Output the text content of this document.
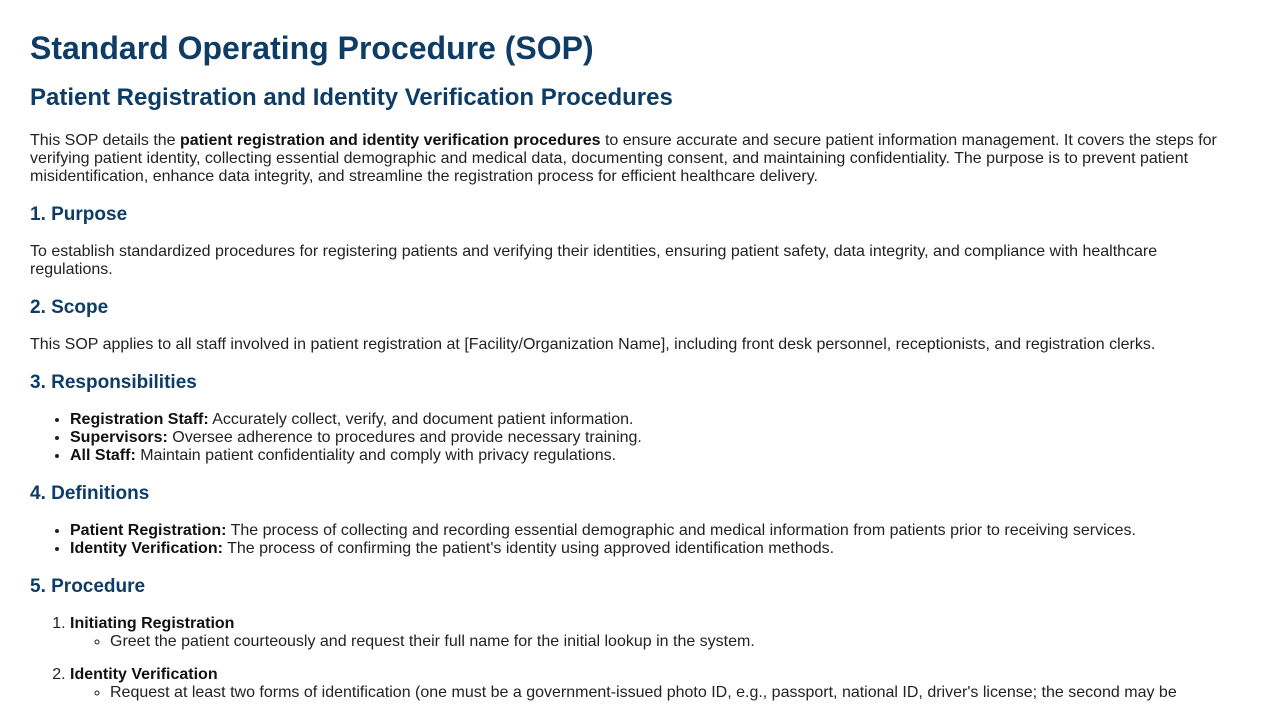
Standard Operating Procedure (SOP)
Patient Registration and Identity Verification Procedures

This SOP details the patient registration and identity verification procedures to ensure accurate and secure patient information management. It covers the steps for verifying patient identity, collecting essential demographic and medical data, documenting consent, and maintaining confidentiality. The purpose is to prevent patient misidentification, enhance data integrity, and streamline the registration process for efficient healthcare delivery.

1. Purpose

To establish standardized procedures for registering patients and verifying their identities, ensuring patient safety, data integrity, and compliance with healthcare regulations.

2. Scope

This SOP applies to all staff involved in patient registration at [Facility/Organization Name], including front desk personnel, receptionists, and registration clerks.

3. Responsibilities
• Registration Staff: Accurately collect, verify, and document patient information.
• Supervisors: Oversee adherence to procedures and provide necessary training.
• All Staff: Maintain patient confidentiality and comply with privacy regulations.
4. Definitions
• Patient Registration: The process of collecting and recording essential demographic and medical information from patients prior to receiving services.
• Identity Verification: The process of confirming the patient's identity using approved identification methods.
5. Procedure
1. Initiating Registration
◦ Greet the patient courteously and request their full name for the initial lookup in the system.
2. Identity Verification
◦ Request at least two forms of identification (one must be a government-issued photo ID, e.g., passport, national ID, driver's license; the second may be
